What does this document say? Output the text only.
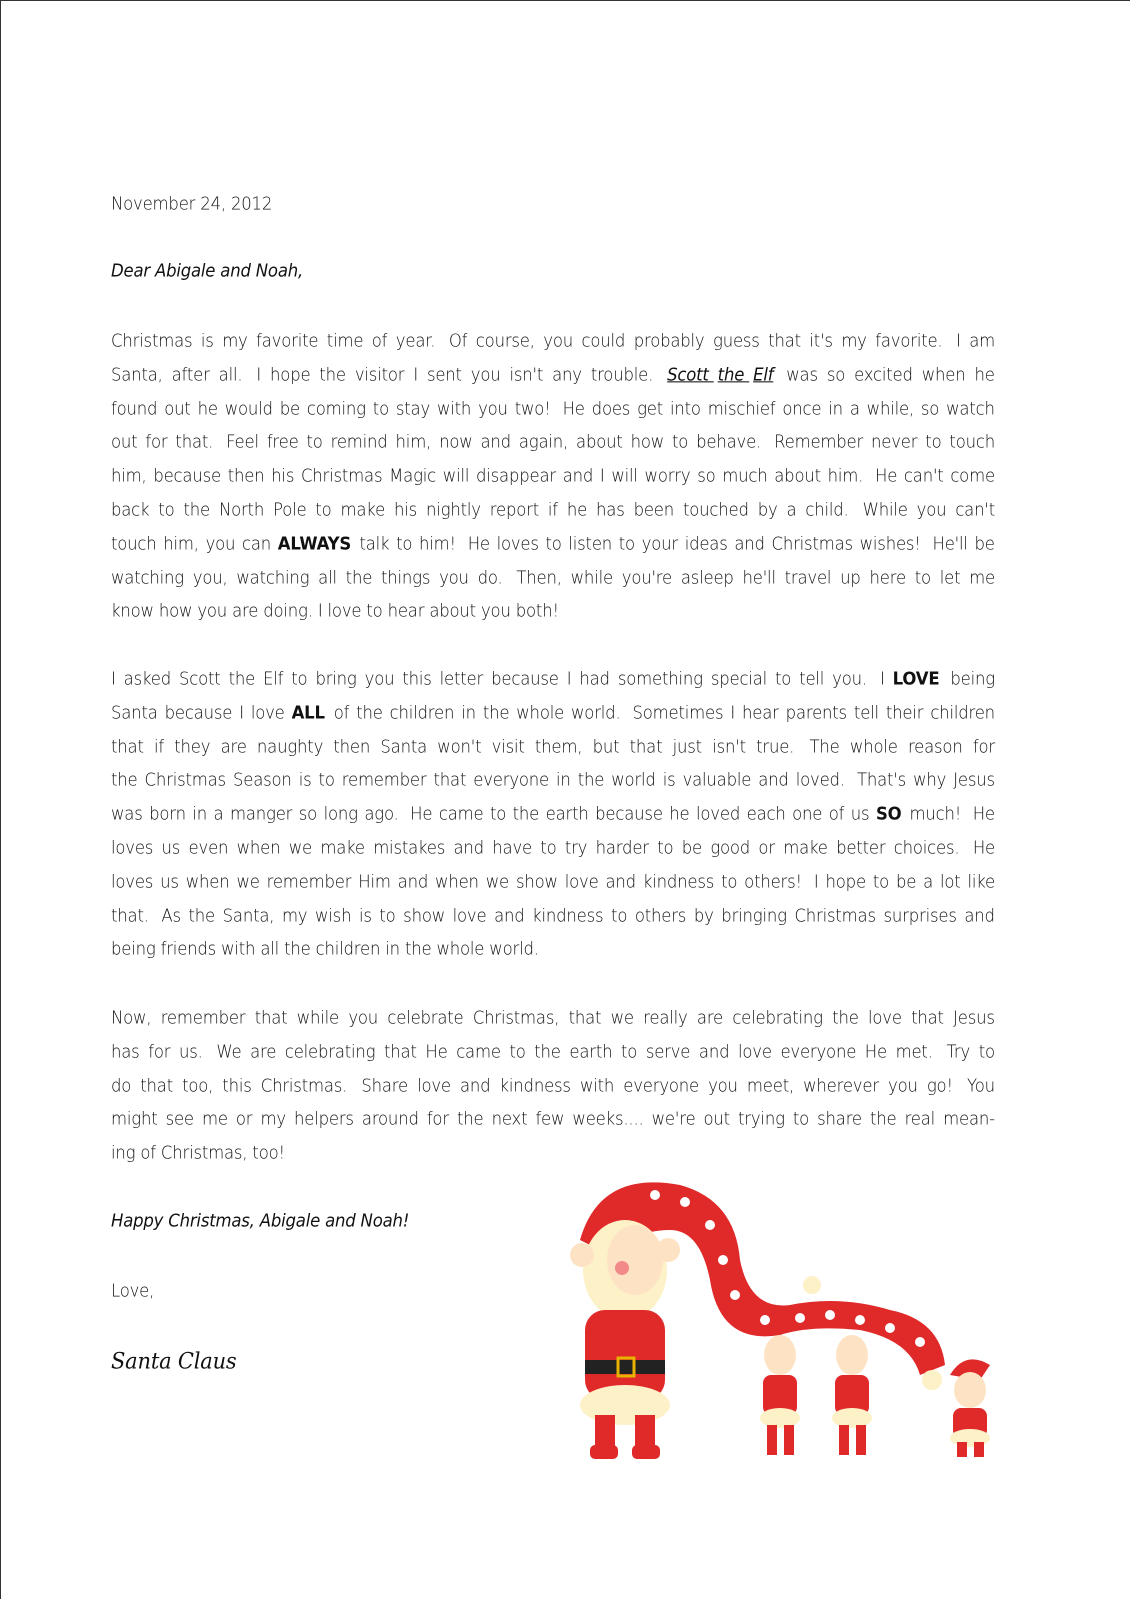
November 24, 2012
Dear Abigale and Noah,
Christmas is my favorite time of year. Of course, you could probably guess that it's my favorite. I am
Santa, after all. I hope the visitor I sent you isn't any trouble. Scott the Elf
was so excited when he
found out he would be coming to stay with you two! He does get into mischief once in a while, so watch
out for that. Feel free to remind him, now and again, about how to behave. Remember never to touch
him, because then his Christmas Magic will disappear and I will worry so much about him. He can't come
back to the North Pole to make his nightly report if he has been touched by a child. While you can't
touch him, you can ALWAYS
talk to him! He loves to listen to your ideas and Christmas wishes! He'll be
watching you, watching all the things you do. Then, while you're asleep he'll travel up here to let me
know how you are doing. I love to hear about you both!
I asked Scott the Elf to bring you this letter because I had something special to tell you. I LOVE
being
Santa because I love ALL
of the children in the whole world. Sometimes I hear parents tell their children
that if they are naughty then Santa won't visit them, but that just isn't true. The whole reason for
the Christmas Season is to remember that everyone in the world is valuable and loved. That's why Jesus
was born in a manger so long ago. He came to the earth because he loved each one of us SO
much! He
loves us even when we make mistakes and have to try harder to be good or make better choices. He
loves us when we remember Him and when we show love and kindness to others! I hope to be a lot like
that. As the Santa, my wish is to show love and kindness to others by bringing Christmas surprises and
being friends with all the children in the whole world.
Now, remember that while you celebrate Christmas, that we really are celebrating the love that Jesus
has for us. We are celebrating that He came to the earth to serve and love everyone He met. Try to
do that too, this Christmas. Share love and kindness with everyone you meet, wherever you go! You
might see me or my helpers around for the next few weeks.... we're out trying to share the real mean-
ing of Christmas, too!
Happy Christmas, Abigale and Noah!
Love,
Santa Claus
